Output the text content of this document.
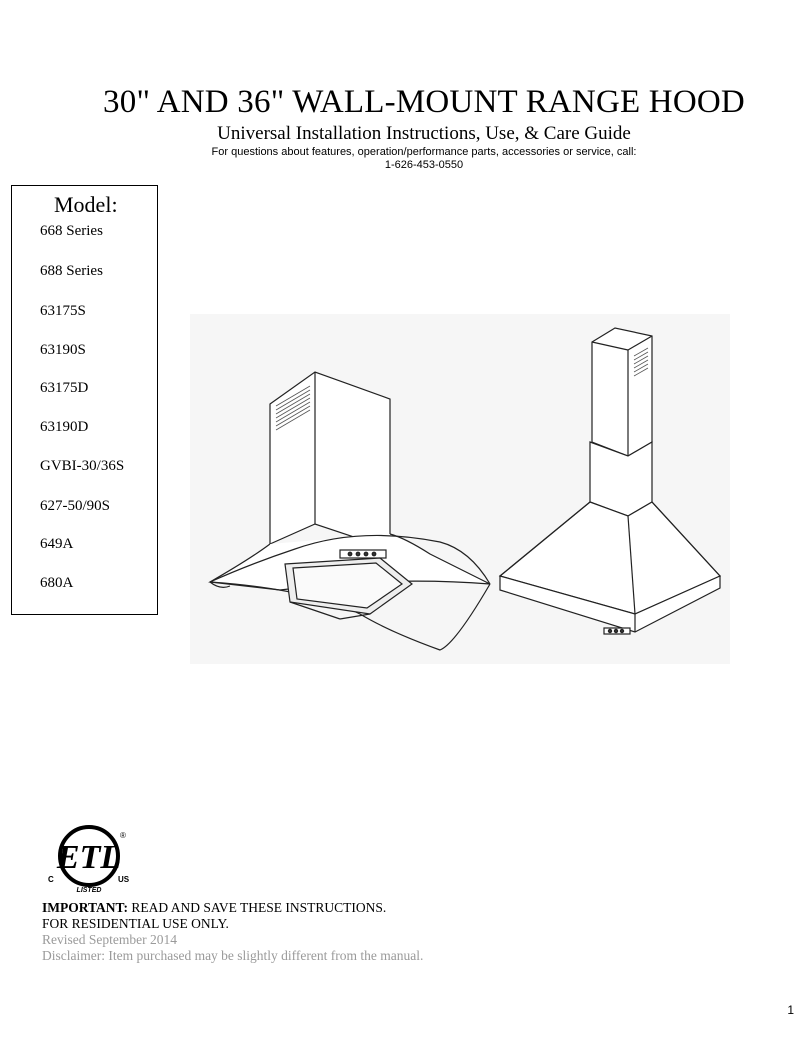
30" AND 36" WALL-MOUNT RANGE HOOD
Universal Installation Instructions, Use, & Care Guide
For questions about features, operation/performance parts, accessories or service, call:
1-626-453-0550
Model:
668 Series
688 Series
63175S
63190S
63175D
63190D
GVBI-30/36S
627-50/90S
649A
680A
ETL
C	US
LISTED
®
IMPORTANT: READ AND SAVE THESE INSTRUCTIONS.
FOR RESIDENTIAL USE ONLY.
Revised September 2014
Disclaimer: Item purchased may be slightly different from the manual.
1
